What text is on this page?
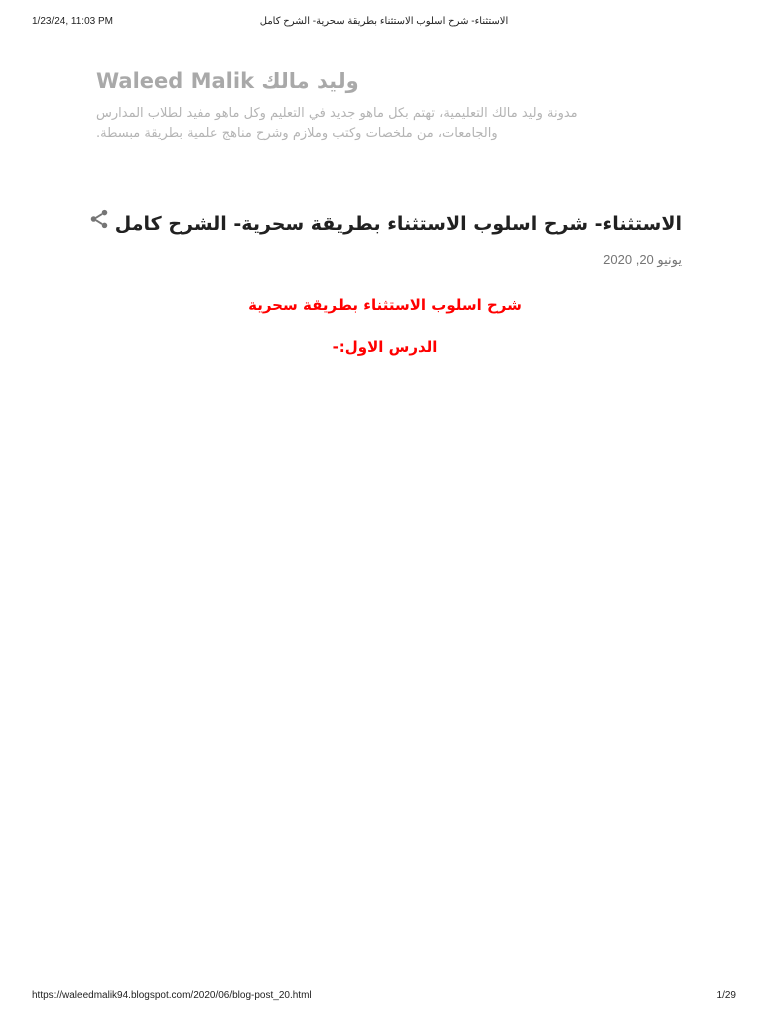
1/23/24, 11:03 PM	الاستثناء- شرح اسلوب الاستثناء بطريقة سحرية- الشرح كامل
وليد مالك Waleed Malik
مدونة وليد مالك التعليمية، تهتم بكل ماهو جديد في التعليم وكل ماهو مفيد لطلاب المدارس والجامعات، من ملخصات وكتب وملازم وشرح مناهج علمية بطريقة مبسطة.
الاستثناء- شرح اسلوب الاستثناء بطريقة سحرية- الشرح كامل
يونيو 20, 2020

شرح اسلوب الاستثناء بطريقة سحرية

الدرس الاول:-

https://waleedmalik94.blogspot.com/2020/06/blog-post_20.html	1/29
